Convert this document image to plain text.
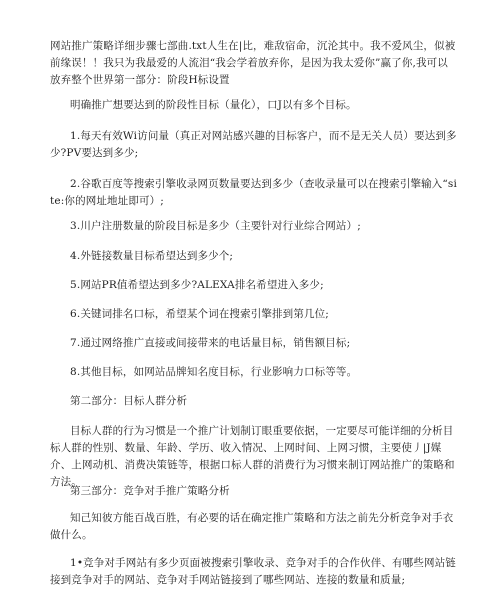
网站推广策略详细步骤七部曲.txt人生在|比，难敌宿命，沉沦其中。我不爱风尘，似被前缘误！！我只为我最爱的人流泪“我会学着放弃你，是因为我太爱你”赢了你,我可以放弃整个世界第一部分：阶段H标设置

明确推广想要达到的阶段性目标（量化），口J以有多个目标。

1.每天有效Wi访问量（真正对网站感兴趣的目标客户，而不是无关人员）要达到多少?PV要达到多少;

2.谷歌百度等搜索引擎收录网页数量要达到多少（查收录量可以在搜索引擎输入“site:你的网址地址即可）;

3.川户注册数量的阶段目标是多少（主要针对行业综合网站）;

4.外链接数量目标希望达到多少个;

5.网站PR值希望达到多少?ALEXA排名希望进入多少;

6.关键词排名口标，希望某个词在搜索引擎排到第几位;

7.通过网络推广直接或间接带来的电话量目标，销售额目标;

8.其他目标，如网站品牌知名度目标，行业影响力口标等等。

第二部分：目标人群分析

目标人群的行为习惯是一个推广计划制订眼重要依据，一定要尽可能详细的分析目标人群的性别、数量、年龄、学历、收入情况、上网时间、上网习惯，主要使丿|J媒介、上网动机、消费决策链等，根据口标人群的消费行为习惯来制订网站推广的策略和方法。

第三部分：竞争对手推广策略分析

知己知彼方能百战百胜，有必要的话在确定推广策略和方法之前先分析竞争对手衣做什么。

1•竞争对手网站有多少页面被搜索引擎收录、竞争对手的合作伙伴、有哪些网站链接到竞争对手的网站、竞争对手网站链接到了哪些网站、连接的数量和质量;
